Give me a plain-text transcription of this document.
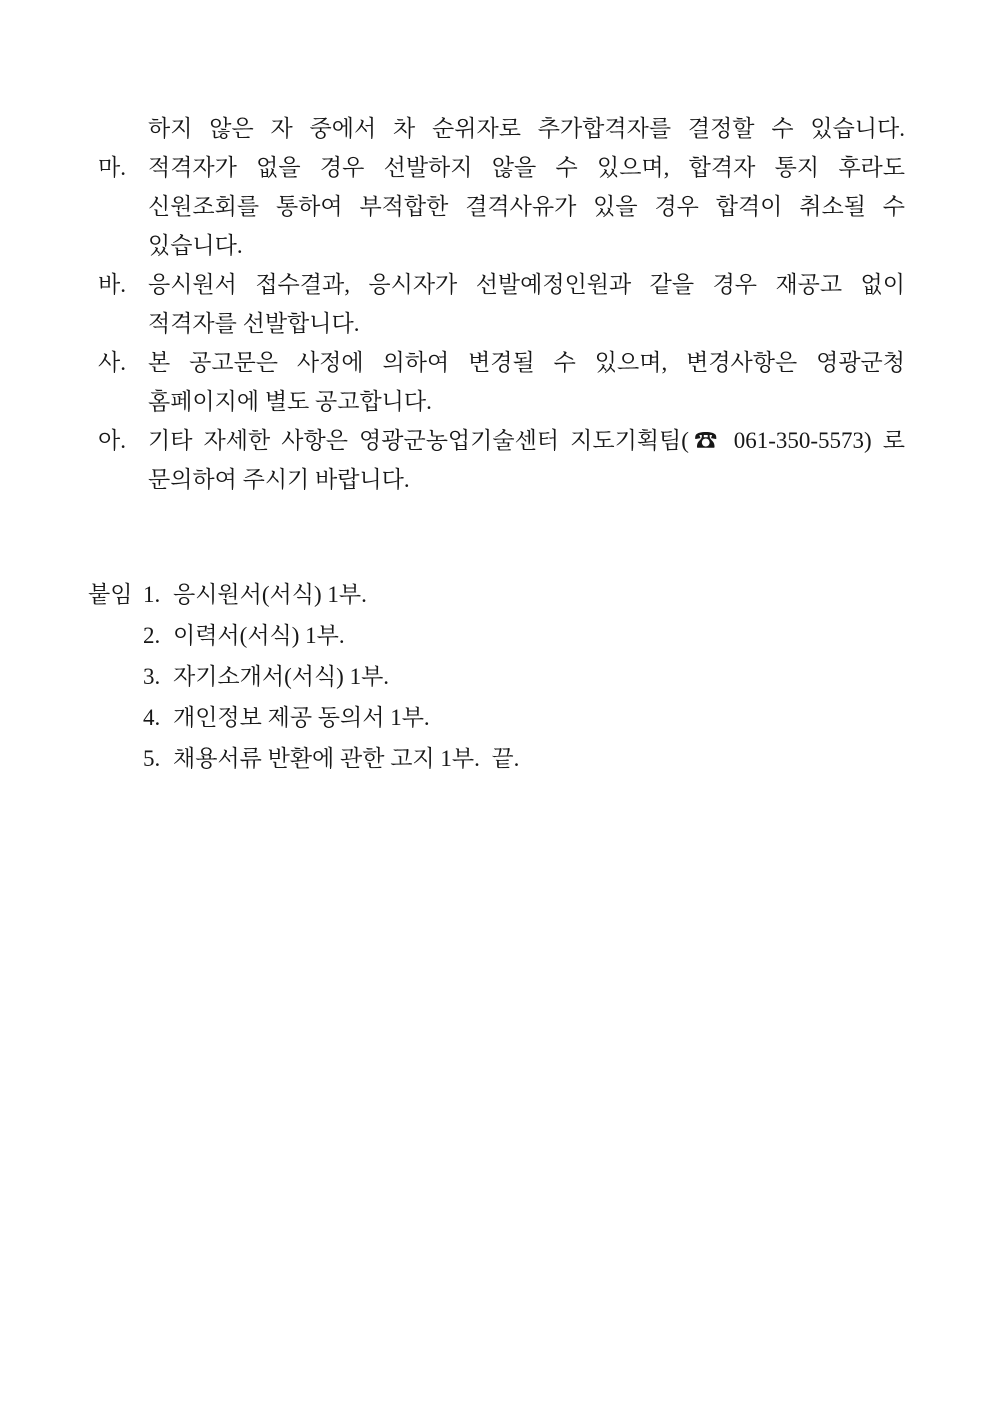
하지 않은 자 중에서 차 순위자로 추가합격자를 결정할 수 있습니다.
마. 적격자가 없을 경우 선발하지 않을 수 있으며, 합격자 통지 후라도
신원조회를 통하여 부적합한 결격사유가 있을 경우 합격이 취소될 수
있습니다.
바. 응시원서 접수결과, 응시자가 선발예정인원과 같을 경우 재공고 없이
적격자를 선발합니다.
사. 본 공고문은 사정에 의하여 변경될 수 있으며, 변경사항은 영광군청
홈페이지에 별도 공고합니다.
아. 기타 자세한 사항은 영광군농업기술센터 지도기획팀(☎ 061-350-5573) 로
문의하여 주시기 바랍니다.
붙임 1. 응시원서(서식) 1부.
2. 이력서(서식) 1부.
3. 자기소개서(서식) 1부.
4. 개인정보 제공 동의서 1부.
5. 채용서류 반환에 관한 고지 1부.  끝.
